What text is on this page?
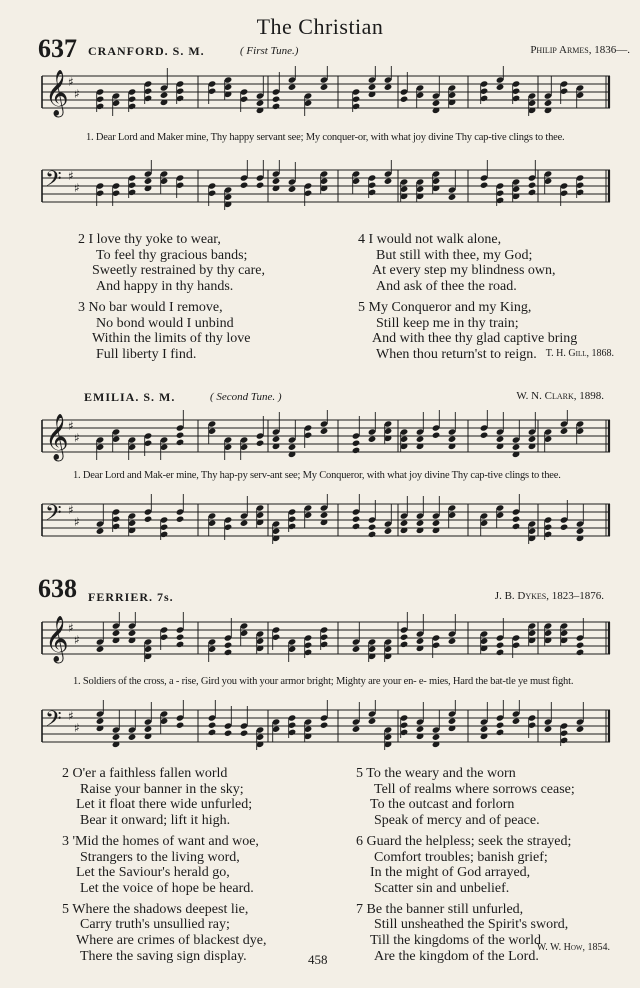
The Christian
637 CRANFORD. S. M.	( First Tune.)	Philip Armes, 1836—.
𝄞 ♯
♯
1. Dear Lord and Maker mine, Thy happy servant see; My conquer-or, with what joy divine Thy cap-tive clings to thee.
𝄢 ♯
♯
2 I love thy yoke to wear,
To feel thy gracious bands;
Sweetly restrained by thy care,
And happy in thy hands.
3 No bar would I remove,
No bond would I unbind
Within the limits of thy love
Full liberty I find.
4 I would not walk alone,
But still with thee, my God;
At every step my blindness own,
And ask of thee the road.
5 My Conqueror and my King,
Still keep me in thy train;
And with thee thy glad captive bring
When thou return'st to reign. T. H. Gill, 1868.
EMILIA. S. M.	( Second Tune. )	W. N. Clark, 1898.
𝄞 ♯
♯
1. Dear Lord and Mak-er mine, Thy hap-py serv-ant see; My Conqueror, with what joy divine Thy cap-tive clings to thee.
𝄢 ♯
♯
638 FERRIER. 7s.	J. B. Dykes, 1823–1876.
𝄞 ♯
♯
1. Soldiers of the cross, a - rise, Gird you with your armor bright; Mighty are your en- e- mies, Hard the bat-tle ye must fight.
𝄢 ♯
♯
2 O'er a faithless fallen world
Raise your banner in the sky;
Let it float there wide unfurled;
Bear it onward; lift it high.
3 'Mid the homes of want and woe,
Strangers to the living word,
Let the Saviour's herald go,
Let the voice of hope be heard.
5 Where the shadows deepest lie,
Carry truth's unsullied ray;
Where are crimes of blackest dye,
There the saving sign display.
5 To the weary and the worn
Tell of realms where sorrows cease;
To the outcast and forlorn
Speak of mercy and of peace.
6 Guard the helpless; seek the strayed;
Comfort troubles; banish grief;
In the might of God arrayed,
Scatter sin and unbelief.
7 Be the banner still unfurled,
Still unsheathed the Spirit's sword,
Till the kingdoms of the world
Are the kingdom of the Lord.
W. W. How, 1854.
458
